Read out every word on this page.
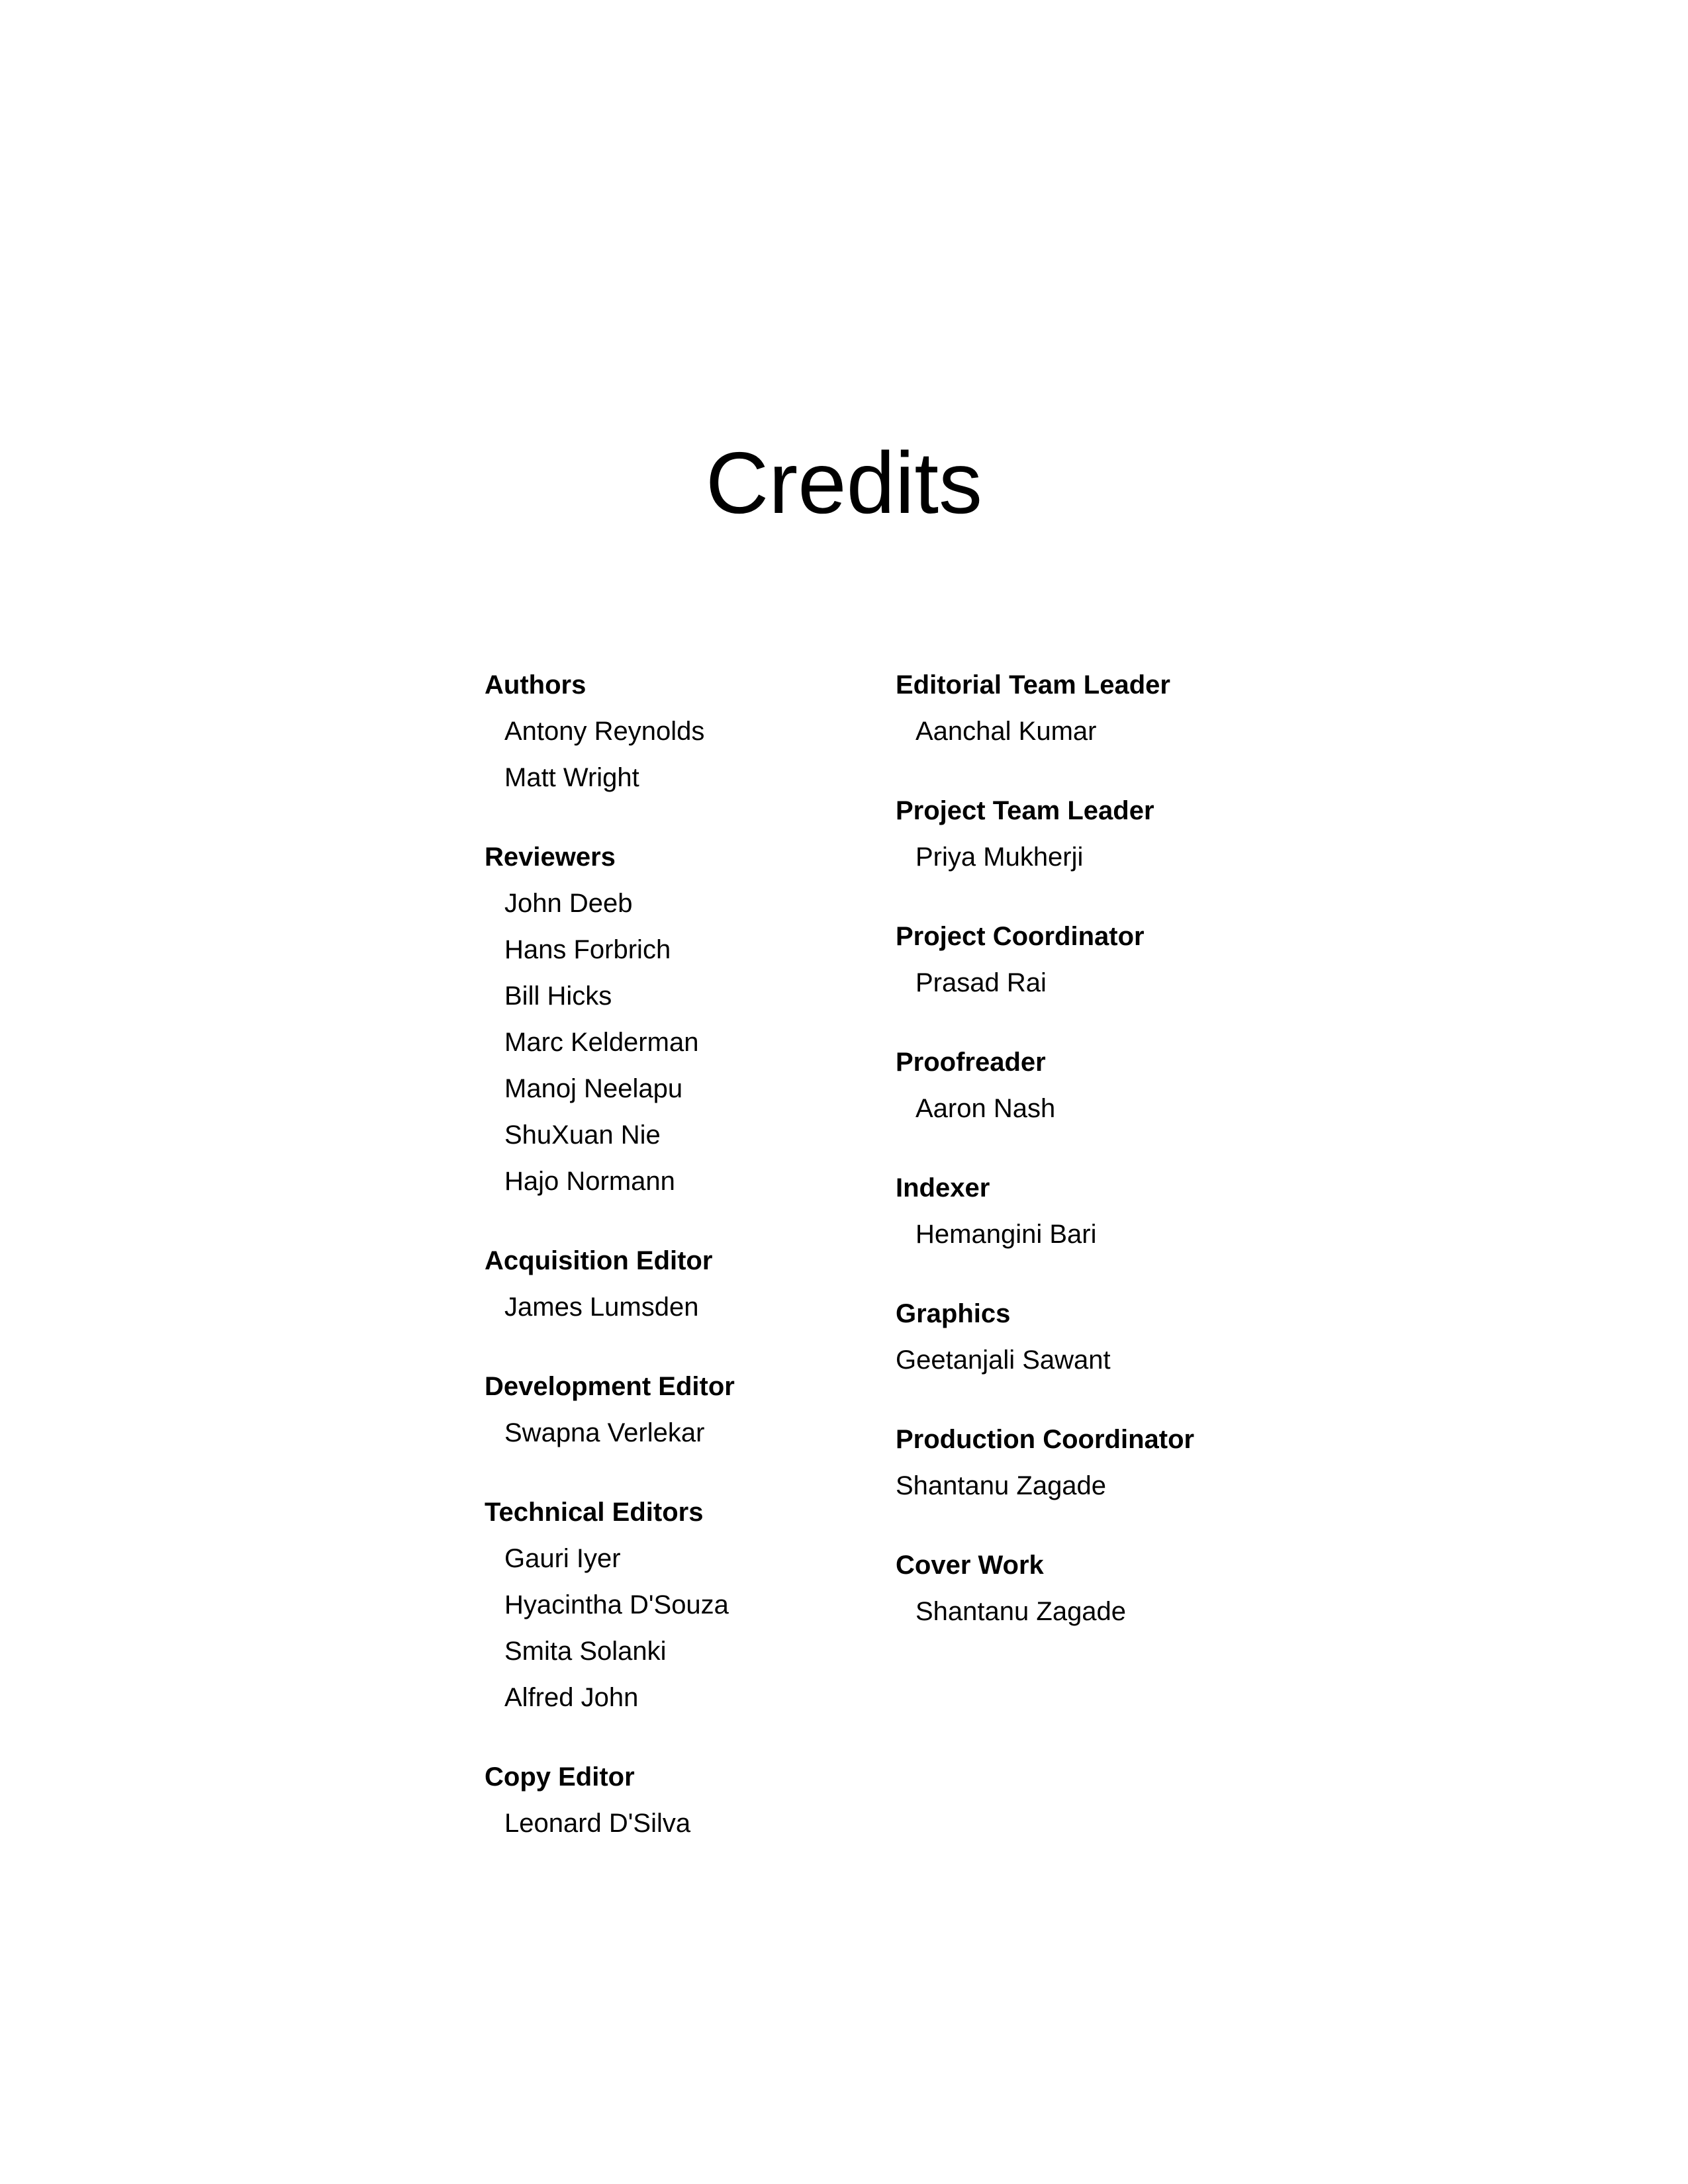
Credits
Authors
Antony Reynolds
Matt Wright
Reviewers
John Deeb
Hans Forbrich
Bill Hicks
Marc Kelderman
Manoj Neelapu
ShuXuan Nie
Hajo Normann
Acquisition Editor
James Lumsden
Development Editor
Swapna Verlekar
Technical Editors
Gauri Iyer
Hyacintha D'Souza
Smita Solanki
Alfred John
Copy Editor
Leonard D'Silva
Editorial Team Leader
Aanchal Kumar
Project Team Leader
Priya Mukherji
Project Coordinator
Prasad Rai
Proofreader
Aaron Nash
Indexer
Hemangini Bari
Graphics
Geetanjali Sawant
Production Coordinator
Shantanu Zagade
Cover Work
Shantanu Zagade
